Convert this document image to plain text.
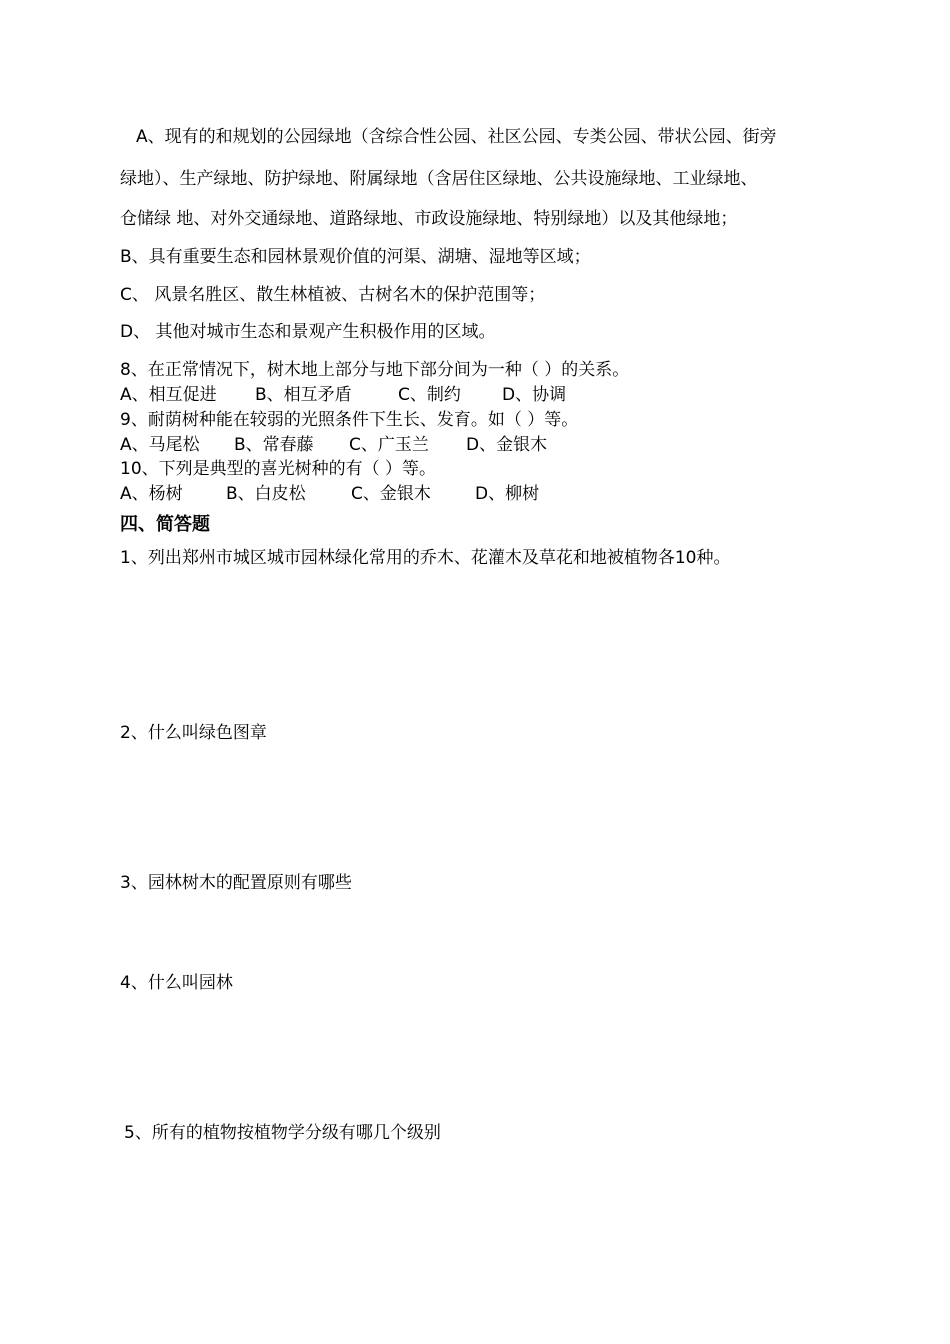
A、现有的和规划的公园绿地（含综合性公园、社区公园、专类公园、带状公园、街旁
绿地）、生产绿地、防护绿地、附属绿地（含居住区绿地、公共设施绿地、工业绿地、
仓储绿 地、对外交通绿地、道路绿地、市政设施绿地、特别绿地）以及其他绿地；
B、具有重要生态和园林景观价值的河渠、湖塘、湿地等区域；
C、 风景名胜区、散生林植被、古树名木的保护范围等；
D、 其他对城市生态和景观产生积极作用的区域。
8、在正常情况下，树木地上部分与地下部分间为一种（ ）的关系。
A、相互促进 B、相互矛盾	C、制约 D、协调
9、耐荫树种能在较弱的光照条件下生长、发育。如（ ）等。
A、马尾松 B、常春藤 C、广玉兰 D、金银木
10、下列是典型的喜光树种的有（ ）等。
A、杨树	B、白皮松	C、金银木	D、柳树
四、简答题
1、列出郑州市城区城市园林绿化常用的乔木、花灌木及草花和地被植物各10种。
2、什么叫绿色图章
3、园林树木的配置原则有哪些
4、什么叫园林
5、所有的植物按植物学分级有哪几个级别
